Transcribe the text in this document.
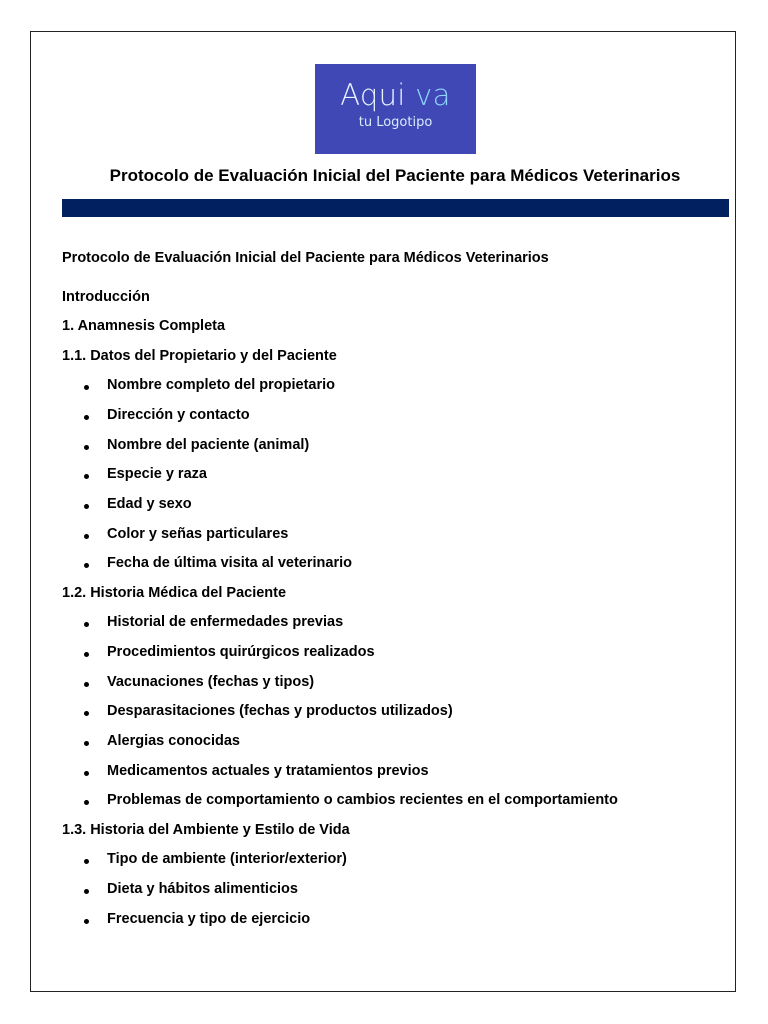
Aqui va
tu Logotipo
Protocolo de Evaluación Inicial del Paciente para Médicos Veterinarios
Protocolo de Evaluación Inicial del Paciente para Médicos Veterinarios
Introducción
1. Anamnesis Completa
1.1. Datos del Propietario y del Paciente
Nombre completo del propietario
Dirección y contacto
Nombre del paciente (animal)
Especie y raza
Edad y sexo
Color y señas particulares
Fecha de última visita al veterinario
1.2. Historia Médica del Paciente
Historial de enfermedades previas
Procedimientos quirúrgicos realizados
Vacunaciones (fechas y tipos)
Desparasitaciones (fechas y productos utilizados)
Alergias conocidas
Medicamentos actuales y tratamientos previos
Problemas de comportamiento o cambios recientes en el comportamiento
1.3. Historia del Ambiente y Estilo de Vida
Tipo de ambiente (interior/exterior)
Dieta y hábitos alimenticios
Frecuencia y tipo de ejercicio
